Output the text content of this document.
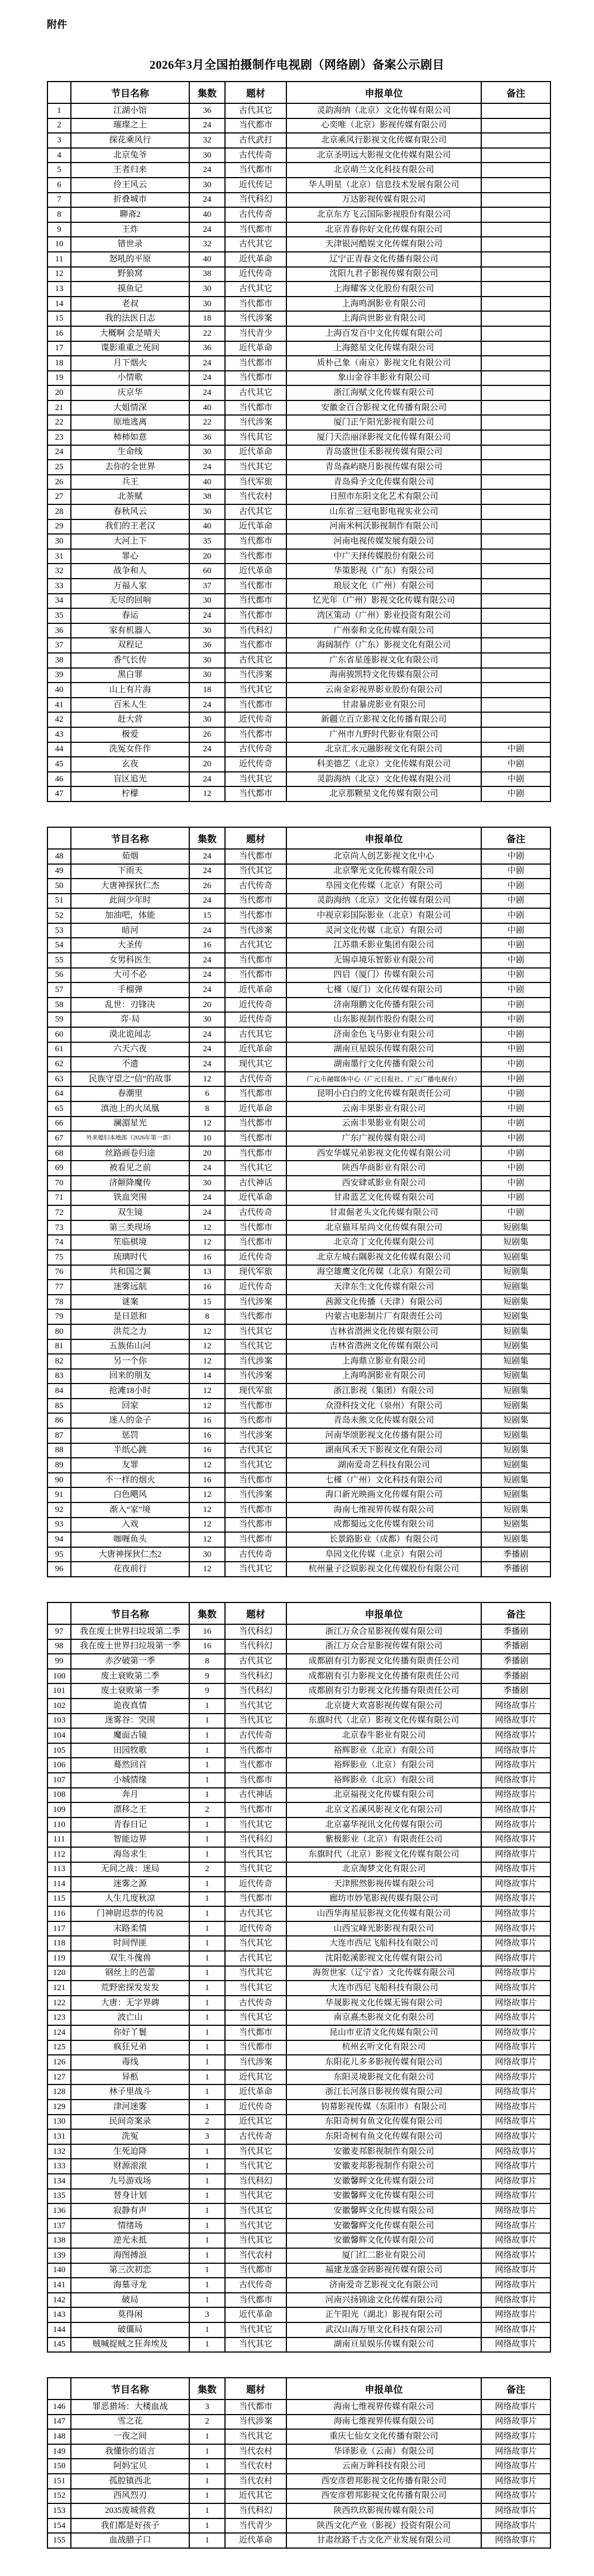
附件
2026年3月全国拍摄制作电视剧（网络剧）备案公示剧目
	节目名称	集数	题材	申报单位	备注
1	江湖小馆	36	古代其它	灵韵海纳（北京）文化传媒有限公司	
2	璀璨之上	24	当代都市	心奕唯（北京）影视传媒有限公司	
3	探花乘风行	32	古代武打	北京乘风行影视文化传媒有限公司	
4	北京兔爷	30	古代传奇	北京圣明远大影视文化传媒有限公司	
5	王者归来	24	当代都市	北京萌兰文化科技有限公司	
6	伶王风云	30	近代传记	华人明星（北京）信息技术发展有限公司	
7	折叠城市	24	当代科幻	万达影视传媒有限公司	
8	聊斋2	40	古代传奇	北京东方飞云国际影视股份有限公司	
9	王炸	24	当代都市	北京青春你好文化传媒有限公司	
10	错世录	32	古代其它	天津银河酷娱文化传媒有限公司	
11	怒吼的平原	40	近代革命	辽宁正青春文化传播有限公司	
12	野狼窝	38	近代传奇	沈阳九君子影视传媒有限公司	
13	摸鱼记	30	古代其它	上海耀客文化股份有限公司	
14	老叔	30	当代都市	上海鸣涧影业有限公司	
15	我的法医日志	18	当代涉案	上海尚世影业有限公司	
16	大概啊 会是晴天	22	当代青少	上海百发百中文化传媒有限公司	
17	谍影重重之死间	36	近代革命	上海懿星文化传媒有限公司	
18	月下烟火	24	当代都市	质朴己象（南京）影视文化有限公司	
19	小情歌	24	当代都市	象山金谷丰影业有限公司	
20	庆京华	24	古代其它	浙江海赋文化传媒有限公司	
21	大姐情深	40	当代都市	安徽金百合影视文化传播有限公司	
22	原地逃离	22	当代涉案	厦门正午阳光影视有限公司	
23	柿柿如意	36	当代其它	厦门天浩丽泽影视文化传媒有限公司	
24	生命线	30	近代革命	青岛盛世佳禾影视传媒有限公司	
25	去你的全世界	24	当代其它	青岛森屿晓月影视传媒有限公司	
26	兵王	40	当代军旅	青岛舜予文化传媒有限公司	
27	北茶赋	38	当代农村	日照市东阳文化艺术有限公司	
28	春秋风云	30	古代其它	山东省三冠电影电视实业公司	
29	我们的王老汉	40	近代革命	河南米柯沃影视制作有限公司	
30	大河上下	35	当代都市	河南电视传媒发展有限公司	
31	罪心	20	当代都市	中广天择传媒股份有限公司	
32	战争和人	60	近代革命	华策影视（广东）有限公司	
33	万福人家	37	当代都市	琅辰文化（广州）有限公司	
34	无尽的回响	30	当代都市	忆光年（广州）影视文化传媒有限公司	
35	春运	24	当代都市	湾区策动（广州）影业投资有限公司	
36	家有机器人	30	当代科幻	广州泰和文化传媒有限公司	
37	双程记	36	当代都市	海阔制作（广东）影视文化有限公司	
38	香气长传	30	古代其它	广东省星莲影视文化有限公司	
39	黑白罪	30	当代涉案	海南骏凯特文化传媒有限公司	
40	山上有片海	18	当代其它	云南金彩视界影业股份有限公司	
41	百米人生	24	当代都市	甘肃暴虎影业有限公司	
42	赶大营	30	近代传奇	新疆立百立影视文化传播有限公司	
43	极爱	26	当代都市	广州市九野时代影业有限公司	
44	洗冤女仵作	24	古代传奇	北京汇永元融影视文化有限公司	中剧
45	玄夜	20	近代传奇	科美德艺（北京）文化传媒有限公司	中剧
46	盲区追光	24	当代其它	灵韵海纳（北京）文化传媒有限公司	中剧
47	柠檬	12	当代都市	北京那颗星文化传媒有限公司	中剧
	节目名称	集数	题材	申报单位	备注
48	茹烟	24	当代都市	北京尚人创艺影视文化中心	中剧
49	下雨天	24	当代其它	北京擎光文化传媒有限公司	中剧
50	大唐神探狄仁杰	26	古代传奇	阜园文化传媒（北京）有限公司	中剧
51	此间少年时	24	当代都市	灵韵海纳（北京）文化传媒有限公司	中剧
52	加油吧，体能	15	当代都市	中视京彩国际影业（北京）有限公司	中剧
53	暗河	24	当代涉案	灵河文化传媒（北京）有限公司	中剧
54	大圣传	16	古代其它	江苏鼎禾影业集团有限公司	中剧
55	女男科医生	24	当代都市	无锡卓境乐智影业有限公司	中剧
56	大可不必	24	当代都市	四启（厦门）传媒有限公司	中剧
57	手榴弹	24	近代革命	七槿（厦门）文化传媒有限公司	中剧
58	乱世：刃锋决	20	近代传奇	济南翔鹏文化传播有限公司	中剧
59	弈·局	30	近代传奇	山东影视制作股份有限公司	中剧
60	漠北诡闻志	24	古代其它	济南金色飞马影业有限公司	中剧
61	六天六夜	24	近代革命	湖南亘星娱乐传媒有限公司	中剧
62	不遗	24	现代其它	湖南墨行文化传播有限公司	中剧
63	民族守望之“信”的故事	12	古代传奇	广元市融媒体中心（广元日报社、广元广播电视台）	中剧
64	春潮里	6	当代都市	昆明小白白的文化传媒有限责任公司	中剧
65	滇池上的火凤凰	8	近代革命	云南丰果影业有限公司	中剧
66	澜湄星光	12	当代都市	云南丰果影业有限公司	中剧
67	外来媳妇本地郎（2026年第一部）	10	当代都市	广东广视传媒有限公司	中剧
68	丝路画卷归途	20	当代都市	西安华媒兄弟影视文化传媒有限公司	中剧
69	被看见之前	24	当代其它	陕西华商影业有限公司	中剧
70	济颠降魔传	30	古代神话	西安肆贰影业有限公司	中剧
71	铁血突围	24	近代革命	甘肃蓝艺文化传媒有限公司	中剧
72	双生镜	24	古代传奇	甘肃倔老头文化传媒有限公司	中剧
73	第三类现场	12	当代都市	北京猫耳星尚文化传媒有限公司	短剧集
74	笙临棋境	12	当代都市	北京奇丁文化传媒有限公司	短剧集
75	琉璃时代	16	近代传奇	北京左城右隅影视文化传媒有限公司	短剧集
76	共和国之翼	13	现代军旅	海空雄鹰文化传媒（北京）有限公司	短剧集
77	迷雾远航	16	近代传奇	天津东生文化传媒有限公司	短剧集
78	谜案	15	当代涉案	茜源文化传播（天津）有限公司	短剧集
79	是日恩和	8	当代都市	内蒙古电影制片厂有限责任公司	短剧集
80	洪荒之力	12	当代其它	吉林省潜洲文化传媒有限公司	短剧集
81	五族佑山河	12	当代其它	吉林省潜洲文化传媒有限公司	短剧集
82	另一个你	12	当代涉案	上海鼎立影业有限公司	短剧集
83	回来的朋友	14	当代涉案	上海鸣涧影业有限公司	短剧集
84	抢滩18小时	12	现代军旅	浙江影视（集团）有限公司	短剧集
85	回家	12	当代都市	众澄科技文化（泉州）有限公司	短剧集
86	迷人的金子	16	当代都市	青岛未熊文化传媒有限公司	短剧集
87	惩罚	16	当代涉案	河南华颂影视文化传播有限公司	短剧集
88	半纸心跳	16	古代其它	湖南风禾天下影视文化有限公司	短剧集
89	友罪	12	当代其它	湖南爱奇艺科技有限公司	短剧集
90	不一样的烟火	16	当代都市	七槿（广州）文化科技有限公司	短剧集
91	白色飓风	12	当代涉案	海口新光映画文化传媒有限公司	短剧集
92	渐入“家”境	12	当代都市	海南七维视界传媒有限公司	短剧集
93	入戏	12	当代都市	成都蜀远文化传媒有限公司	短剧集
94	咖喱鱼头	12	当代都市	长景路影业（成都）有限公司	短剧集
95	大唐神探狄仁杰2	30	古代传奇	阜园文化传媒（北京）有限公司	季播剧
96	花夜前行	12	当代其它	杭州量子泛娱影视文化传媒股份有限公司	季播剧
	节目名称	集数	题材	申报单位	备注
97	我在废土世界扫垃圾第二季	16	当代科幻	浙江万众合星影视传媒有限公司	季播剧
98	我在废土世界扫垃圾第一季	16	当代科幻	浙江万众合星影视传媒有限公司	季播剧
99	赤汐破第一季	8	古代其它	成都剧有引力影视文化传播有限责任公司	季播剧
100	废土衰败第二季	9	当代科幻	成都剧有引力影视文化传播有限责任公司	季播剧
101	废土衰败第一季	9	当代科幻	成都剧有引力影视文化传播有限责任公司	季播剧
102	诡夜真情	1	当代其它	北京捷大欢喜影视传媒有限公司	网络故事片
103	迷雾谷：突围	1	当代其它	东旗时代（北京）影视文化传媒有限公司	网络故事片
104	魔面古镜	1	古代传奇	北京春牛影业有限公司	网络故事片
105	田园牧歌	1	当代都市	裕辉影业（北京）有限公司	网络故事片
106	蓦然回首	1	当代都市	裕辉影业（北京）有限公司	网络故事片
107	小城情缘	1	当代都市	裕辉影业（北京）有限公司	网络故事片
108	奔月	1	古代神话	北京福视文化传媒有限公司	网络故事片
109	漂移之王	2	当代都市	北京文若溪风影视文化有限公司	网络故事片
110	青春日记	1	当代其它	北京嘉华视讯文化传媒有限公司	网络故事片
111	智能边界	1	当代科幻	紫极影业（北京）有限责任公司	网络故事片
112	海岛求生	1	当代其它	东旗时代（北京）影视文化传媒有限公司	网络故事片
113	无间之战：迷局	2	当代其它	北京淘梦文化有限公司	网络故事片
114	迷雾之源	1	近代传奇	天津熙然影视传媒有限公司	网络故事片
115	人生几度秋凉	1	当代都市	廊坊市妙笔影视传媒有限公司	网络故事片
116	门神尉迟恭的传说	1	古代其它	山西华海星辰影视文化传媒有限公司	网络故事片
117	末路柔情	1	近代传奇	山西宝峰光影影视有限公司	网络故事片
118	时间悍匪	1	当代其它	大连市西尼飞船科技有限公司	网络故事片
119	双生斗傀兽	1	古代其它	沈阳乾溪影视文化传媒有限公司	网络故事片
120	钢丝上的芭蕾	1	当代其它	海贺世家（辽宁省）文化传媒有限公司	网络故事片
121	荒野密探发发发	1	当代其它	大连市西尼飞船科技有限公司	网络故事片
122	大唐：无字界碑	1	古代传奇	华晟影视文化传媒无锡有限公司	网络故事片
123	波亡山	1	当代其它	南京熹杰影视文化有限公司	网络故事片
124	你好丫鬟	1	当代都市	昆山市亚清文化传媒有限公司	网络故事片
125	疯狂兄弟	1	当代都市	杭州玄听文化有限公司	网络故事片
126	毒线	1	当代涉案	东阳花儿多多影视传媒有限公司	网络故事片
127	异柩	1	近代其它	东阳灵境影视文化有限公司	网络故事片
128	林子里战斗	1	近代革命	浙江长河落日影视传媒有限公司	网络故事片
129	津河迷雾	1	近代传奇	钧幕影视传媒（东阳市）有限公司	网络故事片
130	民间奇案录	2	近代其它	东阳奇树有鱼文化传媒有限公司	网络故事片
131	洗冤	3	古代传奇	东阳奇树有鱼文化传媒有限公司	网络故事片
132	生死迫降	1	当代其它	安徽麦邦影视制作有限公司	网络故事片
133	财源滚滚	1	当代其它	安徽麦邦影视制作有限公司	网络故事片
134	九号游戏场	1	当代科幻	安徽馨辉文化传媒有限公司	网络故事片
135	替身计划	1	当代其它	安徽馨辉文化传媒有限公司	网络故事片
136	寂静有声	1	当代其它	安徽馨辉文化传媒有限公司	网络故事片
137	情绪场	1	当代其它	安徽馨辉文化传媒有限公司	网络故事片
138	逆光未抵	1	当代其它	安徽馨辉文化传媒有限公司	网络故事片
139	海图搏浪	1	当代农村	厦门红二影业有限公司	网络故事片
140	第三次初恋	1	当代都市	福建龙盛金砖影视传媒有限公司	网络故事片
141	海墓寻龙	1	古代传奇	济南爱奇艺影视文化有限公司	网络故事片
142	破局	1	当代都市	河南兴扬锦途文化传媒有限公司	网络故事片
143	莫得闲	3	近代革命	正午阳光（湖北）影视有限公司	网络故事片
144	破僵局	1	当代其它	武汉山海万里文化科技有限公司	网络故事片
145	贼喊捉贼之狂奔埃及	1	当代其它	湖南亘星娱乐传媒有限公司	网络故事片
	节目名称	集数	题材	申报单位	备注
146	罪恶猎场：大楼血战	3	当代都市	海南七维视界传媒有限公司	网络故事片
147	雪之花	2	当代涉案	海南七维视界传媒有限公司	网络故事片
148	一夜之间	1	当代其它	重庆七仙女文化传播有限公司	网络故事片
149	我懂你的语言	1	当代农村	华译影业（云南）有限公司	网络故事片
150	阿妈宝贝	1	当代农村	云南万眸科技有限公司	网络故事片
151	孤腔镇西北	1	当代农村	西安彦碧邦影视文化传播有限公司	网络故事片
152	西风烈刃	1	近代其它	西安彦碧邦影视文化传播有限公司	网络故事片
153	2035废城营救	1	当代科幻	陕西玖玖影视传媒有限公司	网络故事片
154	我们都是好孩子	1	当代青少	陕西文化产业（影视）投资有限公司	网络故事片
155	血战腊子口	1	近代革命	甘肃丝路千古文化产业发展有限公司	网络故事片
